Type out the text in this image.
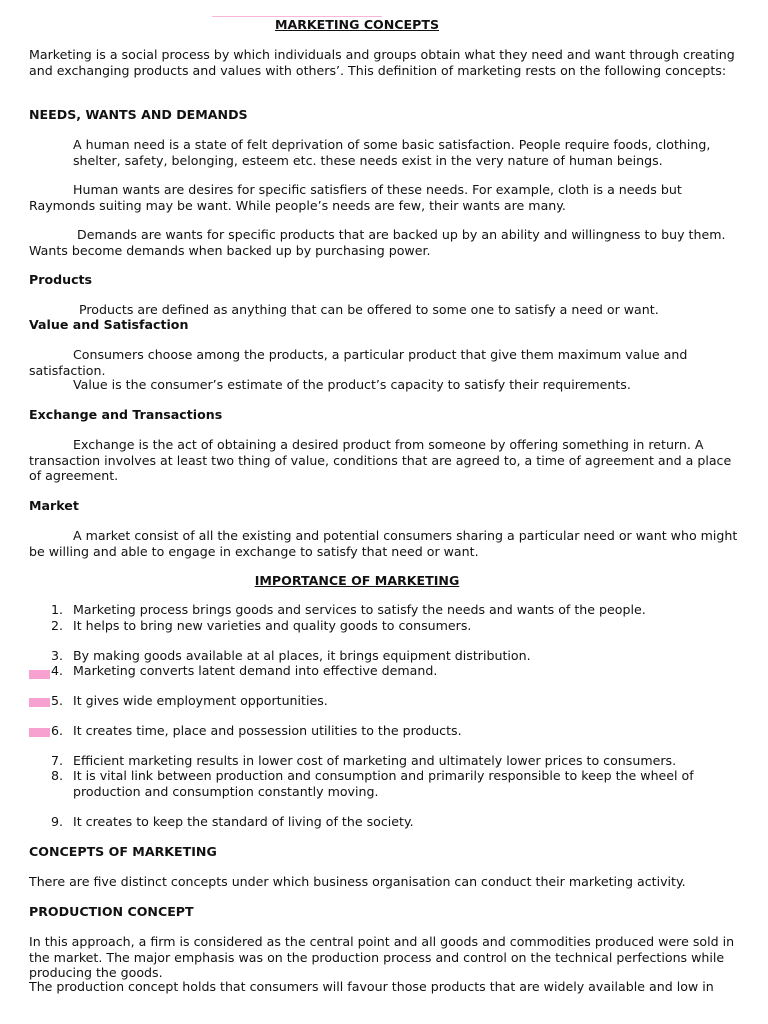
MARKETING CONCEPTS
Marketing is a social process by which individuals and groups obtain what they need and want through creating and exchanging products and values with others’. This definition of marketing rests on the following concepts:
NEEDS, WANTS AND DEMANDS
A human need is a state of felt deprivation of some basic satisfaction. People require foods, clothing, shelter, safety, belonging, esteem etc. these needs exist in the very nature of human beings.
Human wants are desires for specific satisfiers of these needs. For example, cloth is a needs but Raymonds suiting may be want. While people’s needs are few, their wants are many.
Demands are wants for specific products that are backed up by an ability and willingness to buy them. Wants become demands when backed up by purchasing power.
Products
Products are defined as anything that can be offered to some one to satisfy a need or want.
Value and Satisfaction
Consumers choose among the products, a particular product that give them maximum value and satisfaction.
Value is the consumer’s estimate of the product’s capacity to satisfy their requirements.
Exchange and Transactions
Exchange is the act of obtaining a desired product from someone by offering something in return. A transaction involves at least two thing of value, conditions that are agreed to, a time of agreement and a place of agreement.
Market
A market consist of all the existing and potential consumers sharing a particular need or want who might be willing and able to engage in exchange to satisfy that need or want.
IMPORTANCE OF MARKETING
1. Marketing process brings goods and services to satisfy the needs and wants of the people.
2. It helps to bring new varieties and quality goods to consumers.
3. By making goods available at al places, it brings equipment distribution.
4. Marketing converts latent demand into effective demand.
5. It gives wide employment opportunities.
6. It creates time, place and possession utilities to the products.
7. Efficient marketing results in lower cost of marketing and ultimately lower prices to consumers.
8. It is vital link between production and consumption and primarily responsible to keep the wheel of production and consumption constantly moving.
9. It creates to keep the standard of living of the society.
CONCEPTS OF MARKETING
There are five distinct concepts under which business organisation can conduct their marketing activity.
PRODUCTION CONCEPT
In this approach, a firm is considered as the central point and all goods and commodities produced were sold in the market. The major emphasis was on the production process and control on the technical perfections while producing the goods.
The production concept holds that consumers will favour those products that are widely available and low in
